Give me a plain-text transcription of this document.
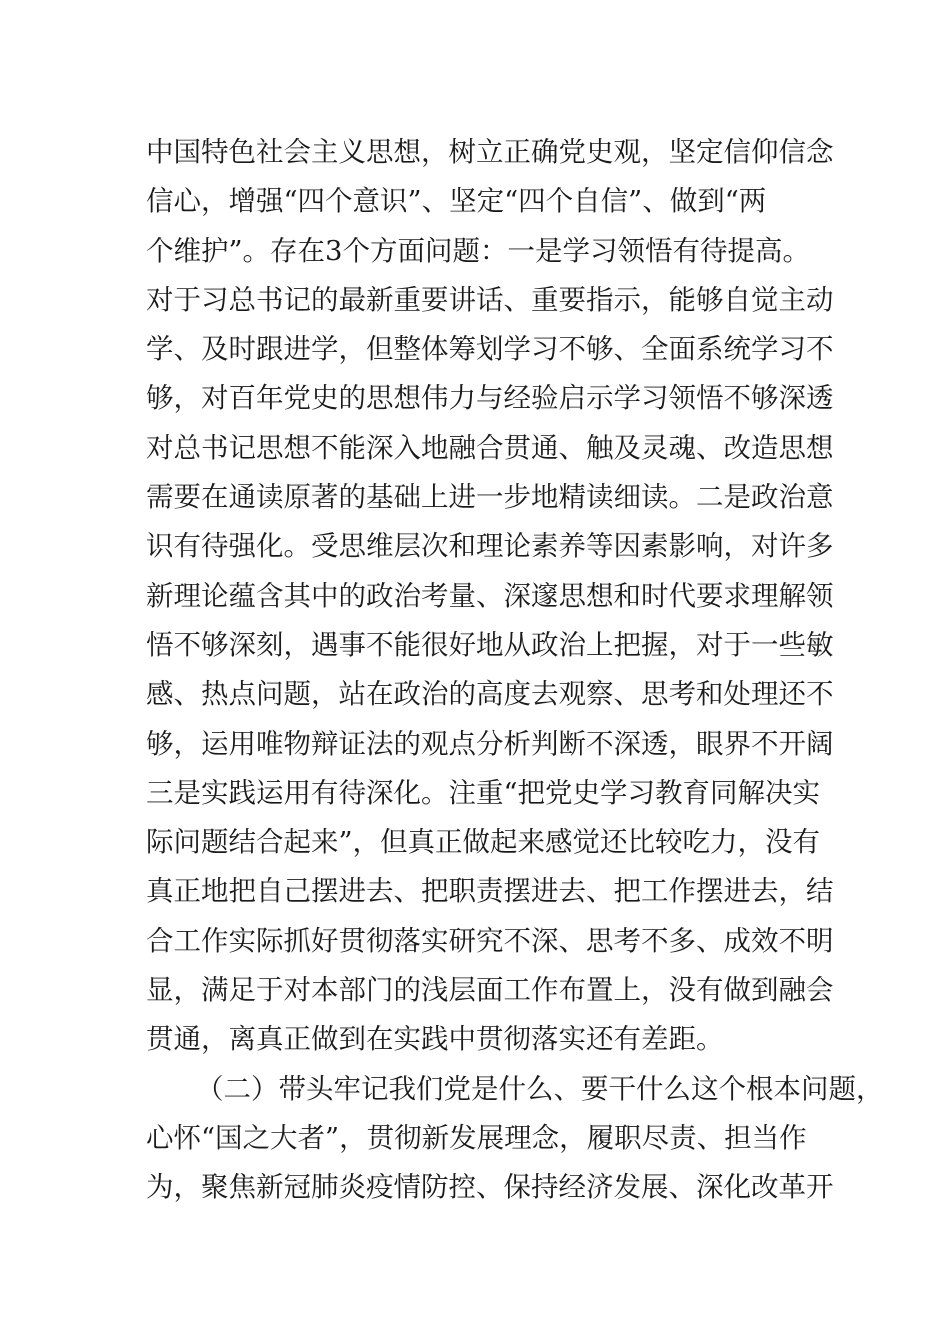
中国特色社会主义思想，树立正确党史观，坚定信仰信念
信心，增强“四个意识”、坚定“四个自信”、做到“两
个维护”。存在3个方面问题：一是学习领悟有待提高。
对于习总书记的最新重要讲话、重要指示，能够自觉主动
学、及时跟进学，但整体筹划学习不够、全面系统学习不
够，对百年党史的思想伟力与经验启示学习领悟不够深透
对总书记思想不能深入地融合贯通、触及灵魂、改造思想
需要在通读原著的基础上进一步地精读细读。二是政治意
识有待强化。受思维层次和理论素养等因素影响，对许多
新理论蕴含其中的政治考量、深邃思想和时代要求理解领
悟不够深刻，遇事不能很好地从政治上把握，对于一些敏
感、热点问题，站在政治的高度去观察、思考和处理还不
够，运用唯物辩证法的观点分析判断不深透，眼界不开阔
三是实践运用有待深化。注重“把党史学习教育同解决实
际问题结合起来”，但真正做起来感觉还比较吃力，没有
真正地把自己摆进去、把职责摆进去、把工作摆进去，结
合工作实际抓好贯彻落实研究不深、思考不多、成效不明
显，满足于对本部门的浅层面工作布置上，没有做到融会
贯通，离真正做到在实践中贯彻落实还有差距。
（二）带头牢记我们党是什么、要干什么这个根本问题，
心怀“国之大者”，贯彻新发展理念，履职尽责、担当作
为，聚焦新冠肺炎疫情防控、保持经济发展、深化改革开
